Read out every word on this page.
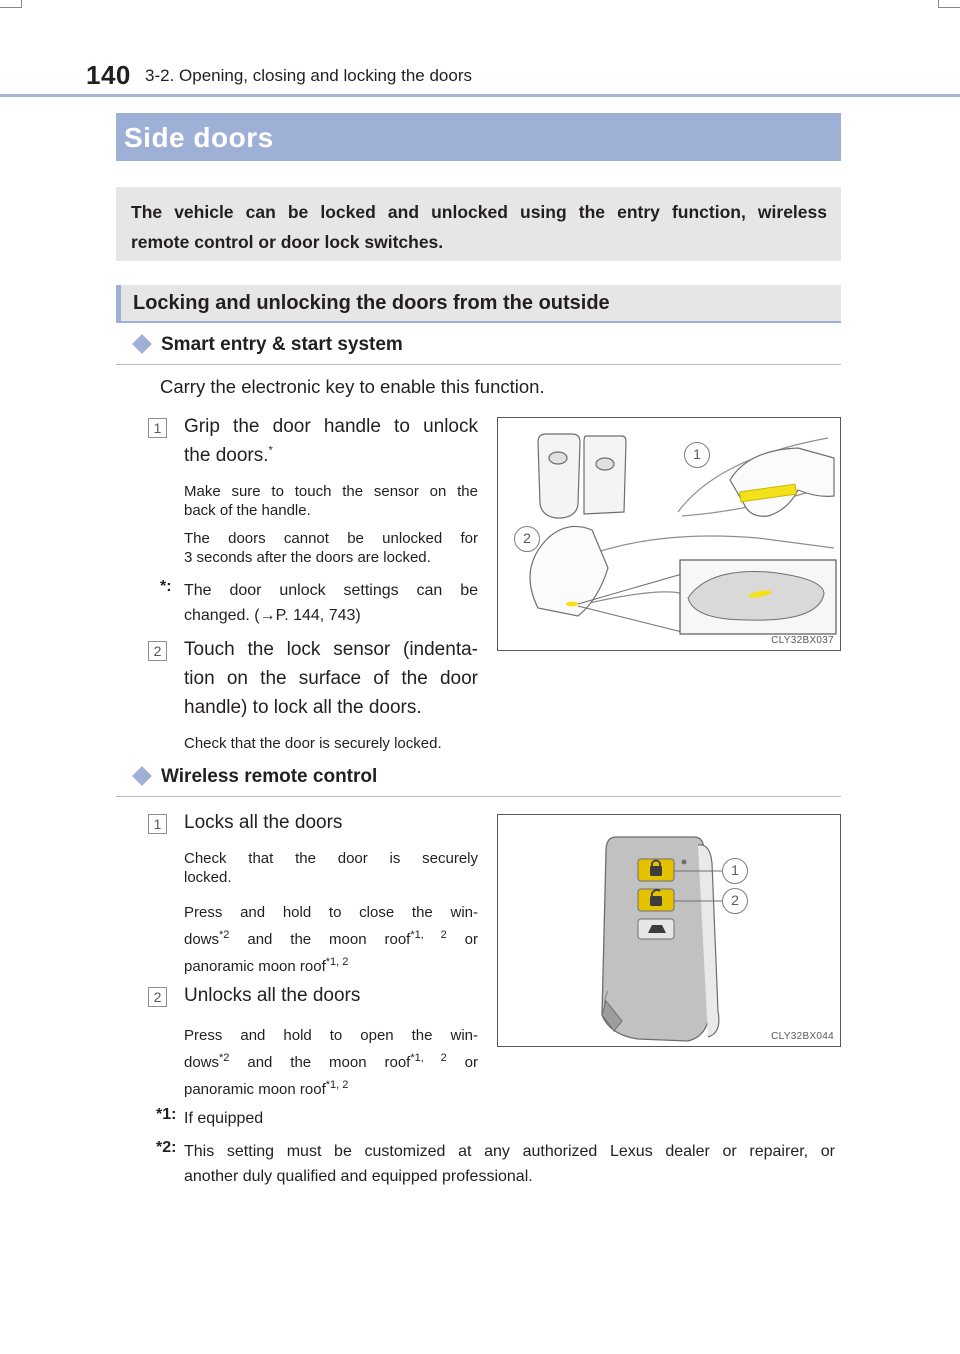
140 3-2. Opening, closing and locking the doors
Side doors
The vehicle can be locked and unlocked using the entry function, wireless
remote control or door lock switches.
Locking and unlocking the doors from the outside
Smart entry & start system
Carry the electronic key to enable this function.
1 Grip the door handle to unlock
the doors.*
Make sure to touch the sensor on the
back of the handle.
The doors cannot be unlocked for
3 seconds after the doors are locked.
*: The door unlock settings can be
changed. (→P. 144, 743)
2 Touch the lock sensor (indenta-
tion on the surface of the door
handle) to lock all the doors.
Check that the door is securely locked.
1
2
CLY32BX037
Wireless remote control
1 Locks all the doors
Check that the door is securely
locked.
Press and hold to close the win-
dows$^{*2}$ and the moon roof$^{*1, 2}$ or
panoramic moon roof$^{*1, 2}$
2 Unlocks all the doors
Press and hold to open the win-
dows$^{*2}$ and the moon roof$^{*1, 2}$ or
panoramic moon roof$^{*1, 2}$
1
2
CLY32BX044
*1: If equipped
*2: This setting must be customized at any authorized Lexus dealer or repairer, or
another duly qualified and equipped professional.
